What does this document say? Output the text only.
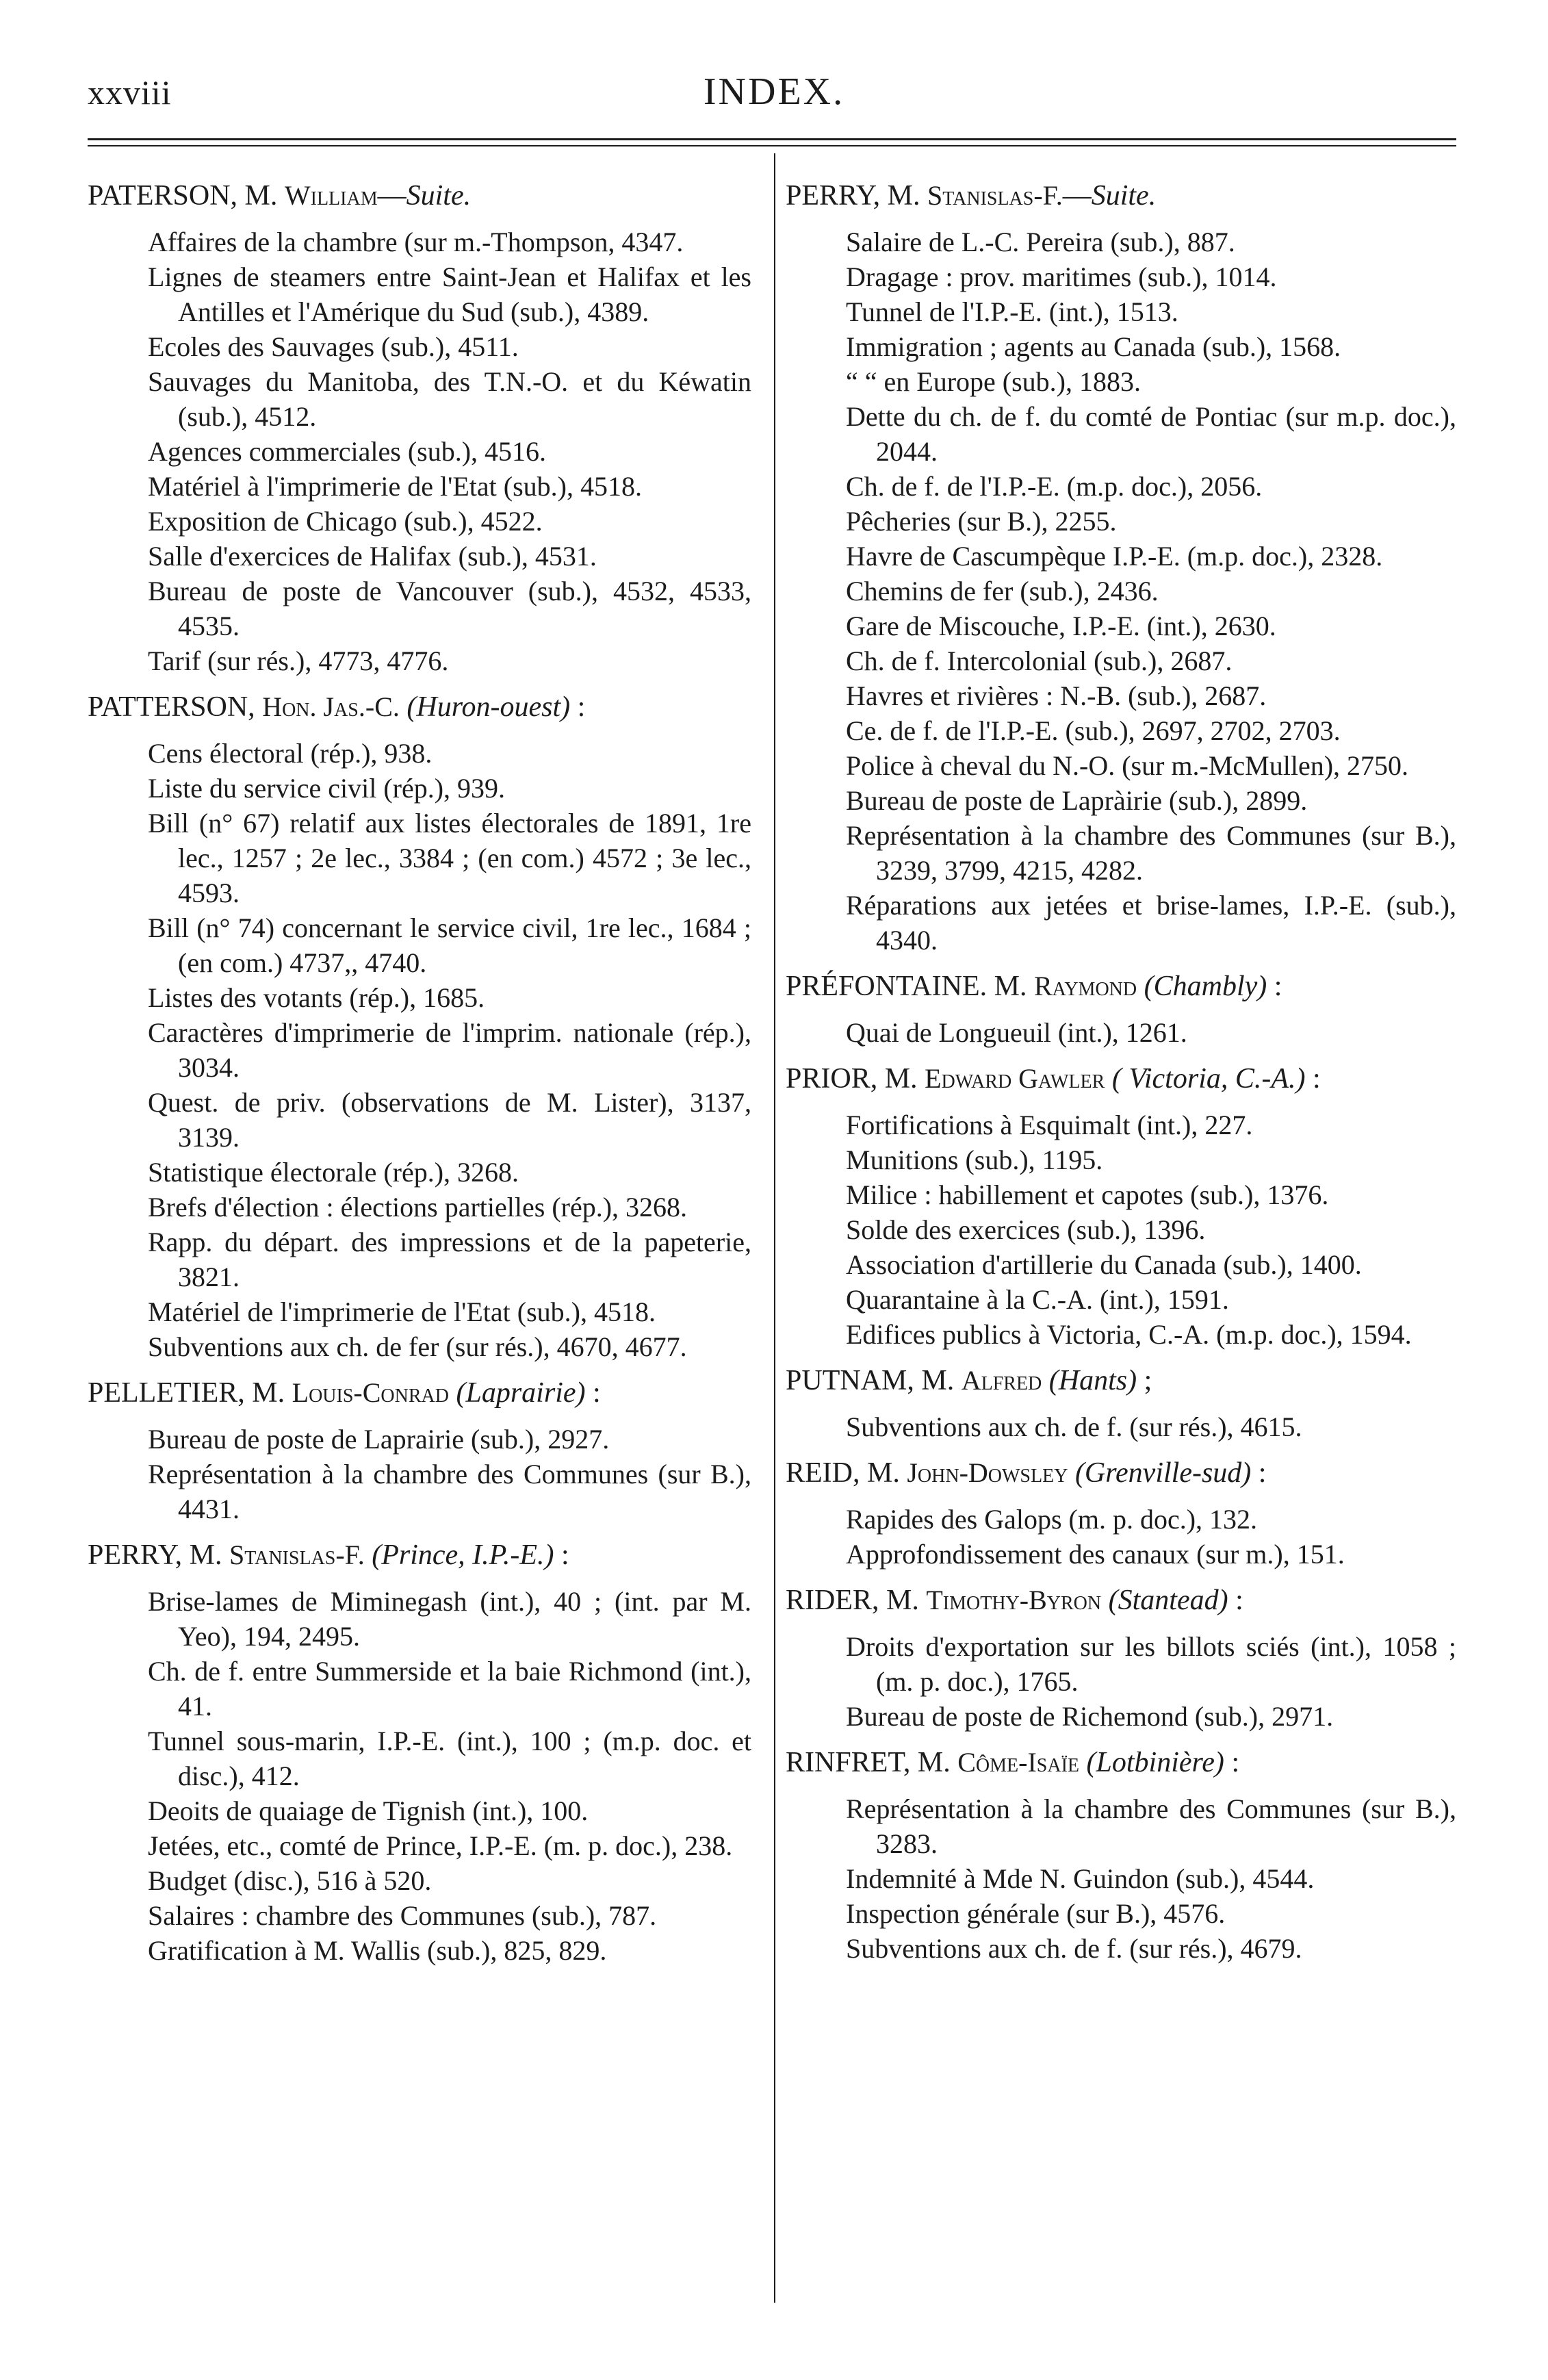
xxviii	INDEX.
PATERSON, M. William—Suite.
Affaires de la chambre (sur m.-Thompson, 4347.
Lignes de steamers entre Saint-Jean et Halifax et les Antilles et l'Amérique du Sud (sub.), 4389.
Ecoles des Sauvages (sub.), 4511.
Sauvages du Manitoba, des T.N.-O. et du Kéwatin (sub.), 4512.
Agences commerciales (sub.), 4516.
Matériel à l'imprimerie de l'Etat (sub.), 4518.
Exposition de Chicago (sub.), 4522.
Salle d'exercices de Halifax (sub.), 4531.
Bureau de poste de Vancouver (sub.), 4532, 4533, 4535.
Tarif (sur rés.), 4773, 4776.
PATTERSON, Hon. Jas.-C. (Huron-ouest) :
Cens électoral (rép.), 938.
Liste du service civil (rép.), 939.
Bill (n° 67) relatif aux listes électorales de 1891, 1re lec., 1257 ; 2e lec., 3384 ; (en com.) 4572 ; 3e lec., 4593.
Bill (n° 74) concernant le service civil, 1re lec., 1684 ; (en com.) 4737,, 4740.
Listes des votants (rép.), 1685.
Caractères d'imprimerie de l'imprim. nationale (rép.), 3034.
Quest. de priv. (observations de M. Lister), 3137, 3139.
Statistique électorale (rép.), 3268.
Brefs d'élection : élections partielles (rép.), 3268.
Rapp. du départ. des impressions et de la papeterie, 3821.
Matériel de l'imprimerie de l'Etat (sub.), 4518.
Subventions aux ch. de fer (sur rés.), 4670, 4677.
PELLETIER, M. Louis-Conrad (Laprairie) :
Bureau de poste de Laprairie (sub.), 2927.
Représentation à la chambre des Communes (sur B.), 4431.
PERRY, M. Stanislas-F. (Prince, I.P.-E.) :
Brise-lames de Miminegash (int.), 40 ; (int. par M. Yeo), 194, 2495.
Ch. de f. entre Summerside et la baie Richmond (int.), 41.
Tunnel sous-marin, I.P.-E. (int.), 100 ; (m.p. doc. et disc.), 412.
Deoits de quaiage de Tignish (int.), 100.
Jetées, etc., comté de Prince, I.P.-E. (m. p. doc.), 238.
Budget (disc.), 516 à 520.
Salaires : chambre des Communes (sub.), 787.
Gratification à M. Wallis (sub.), 825, 829.
PERRY, M. Stanislas-F.—Suite.
Salaire de L.-C. Pereira (sub.), 887.
Dragage : prov. maritimes (sub.), 1014.
Tunnel de l'I.P.-E. (int.), 1513.
Immigration ; agents au Canada (sub.), 1568.
“ “ en Europe (sub.), 1883.
Dette du ch. de f. du comté de Pontiac (sur m.p. doc.), 2044.
Ch. de f. de l'I.P.-E. (m.p. doc.), 2056.
Pêcheries (sur B.), 2255.
Havre de Cascumpèque I.P.-E. (m.p. doc.), 2328.
Chemins de fer (sub.), 2436.
Gare de Miscouche, I.P.-E. (int.), 2630.
Ch. de f. Intercolonial (sub.), 2687.
Havres et rivières : N.-B. (sub.), 2687.
Ce. de f. de l'I.P.-E. (sub.), 2697, 2702, 2703.
Police à cheval du N.-O. (sur m.-McMullen), 2750.
Bureau de poste de Lapràirie (sub.), 2899.
Représentation à la chambre des Communes (sur B.), 3239, 3799, 4215, 4282.
Réparations aux jetées et brise-lames, I.P.-E. (sub.), 4340.
PRÉFONTAINE. M. Raymond (Chambly) :
Quai de Longueuil (int.), 1261.
PRIOR, M. Edward Gawler ( Victoria, C.-A.) :
Fortifications à Esquimalt (int.), 227.
Munitions (sub.), 1195.
Milice : habillement et capotes (sub.), 1376.
Solde des exercices (sub.), 1396.
Association d'artillerie du Canada (sub.), 1400.
Quarantaine à la C.-A. (int.), 1591.
Edifices publics à Victoria, C.-A. (m.p. doc.), 1594.
PUTNAM, M. Alfred (Hants) ;
Subventions aux ch. de f. (sur rés.), 4615.
REID, M. John-Dowsley (Grenville-sud) :
Rapides des Galops (m. p. doc.), 132.
Approfondissement des canaux (sur m.), 151.
RIDER, M. Timothy-Byron (Stantead) :
Droits d'exportation sur les billots sciés (int.), 1058 ; (m. p. doc.), 1765.
Bureau de poste de Richemond (sub.), 2971.
RINFRET, M. Côme-Isaïe (Lotbinière) :
Représentation à la chambre des Communes (sur B.), 3283.
Indemnité à Mde N. Guindon (sub.), 4544.
Inspection générale (sur B.), 4576.
Subventions aux ch. de f. (sur rés.), 4679.
